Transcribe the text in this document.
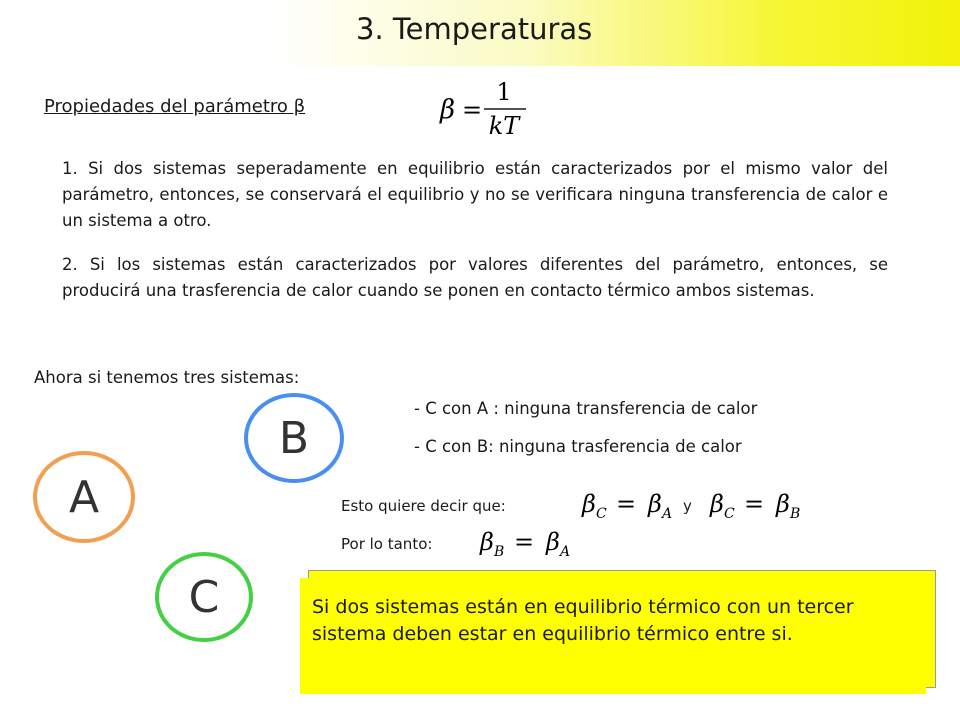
3. Temperaturas
Propiedades del parámetro β	β =
1
kT
1. Si dos sistemas seperadamente en equilibrio están caracterizados por el mismo valor del parámetro, entonces, se conservará el equilibrio y no se verificara ninguna transferencia de calor e un sistema a otro.
2. Si los sistemas están caracterizados por valores diferentes del parámetro, entonces, se producirá una trasferencia de calor cuando se ponen en contacto térmico ambos sistemas.
Ahora si tenemos tres sistemas:
B
A
C
- C con A : ninguna transferencia de calor
- C con B: ninguna trasferencia de calor
Esto quiere decir que:	β C = β A y β C = β B
Por lo tanto: β B = β A
Si dos sistemas están en equilibrio térmico con un tercer sistema deben estar en equilibrio térmico entre si.
